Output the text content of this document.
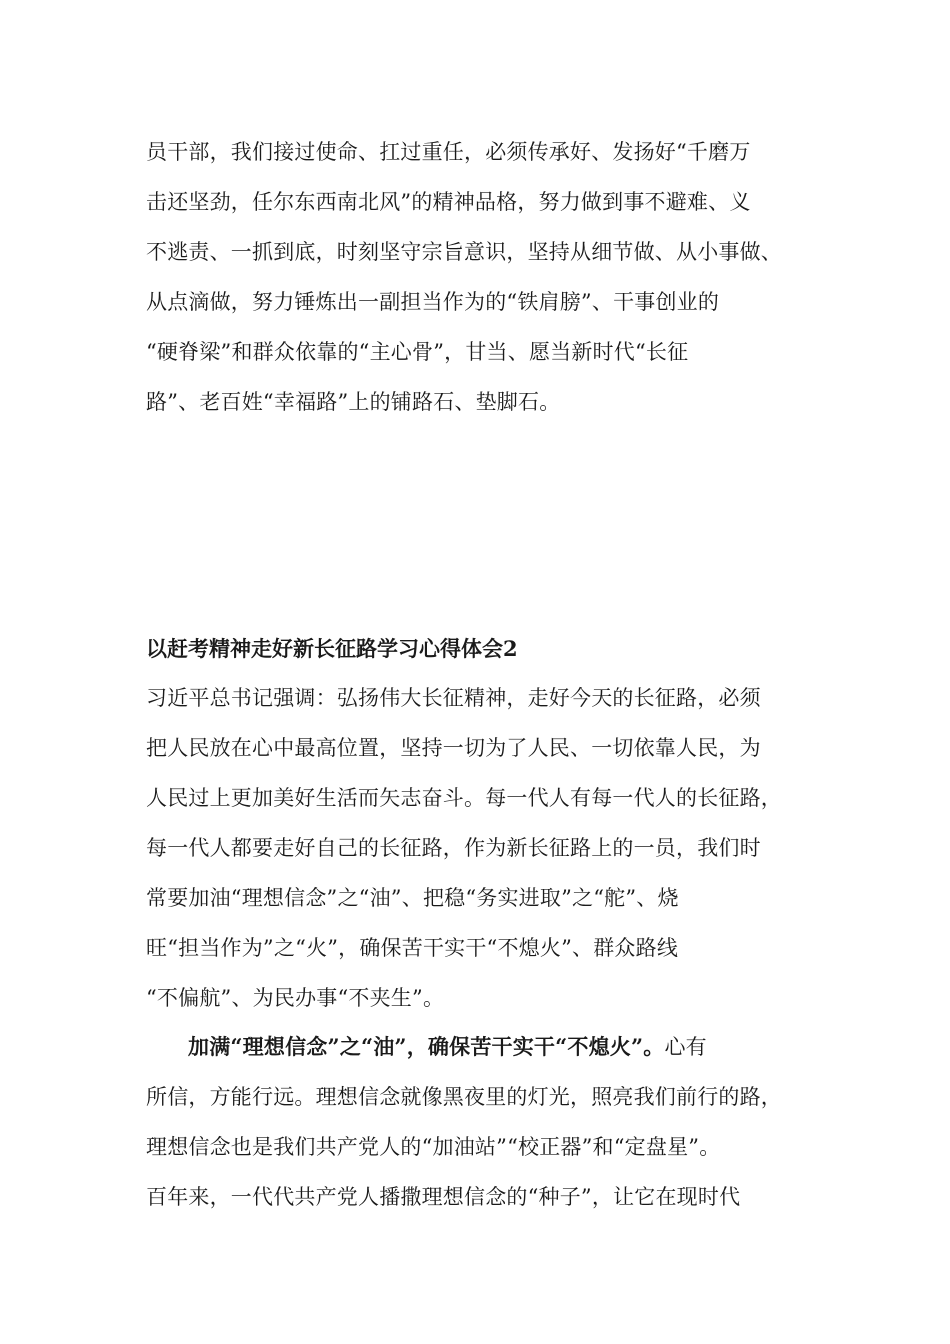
员干部，我们接过使命、扛过重任，必须传承好、发扬好“千磨万
击还坚劲，任尔东西南北风”的精神品格，努力做到事不避难、义
不逃责、一抓到底，时刻坚守宗旨意识，坚持从细节做、从小事做、
从点滴做，努力锤炼出一副担当作为的“铁肩膀”、干事创业的
“硬脊梁”和群众依靠的“主心骨”，甘当、愿当新时代“长征
路”、老百姓“幸福路”上的铺路石、垫脚石。
以赶考精神走好新长征路学习心得体会2
习近平总书记强调：弘扬伟大长征精神，走好今天的长征路，必须
把人民放在心中最高位置，坚持一切为了人民、一切依靠人民，为
人民过上更加美好生活而矢志奋斗。每一代人有每一代人的长征路，
每一代人都要走好自己的长征路，作为新长征路上的一员，我们时
常要加油“理想信念”之“油”、把稳“务实进取”之“舵”、烧
旺“担当作为”之“火”，确保苦干实干“不熄火”、群众路线
“不偏航”、为民办事“不夹生”。
加满“理想信念”之“油”，确保苦干实干“不熄火”。心有
所信，方能行远。理想信念就像黑夜里的灯光，照亮我们前行的路，
理想信念也是我们共产党人的“加油站”“校正器”和“定盘星”。
百年来，一代代共产党人播撒理想信念的“种子”，让它在现时代
